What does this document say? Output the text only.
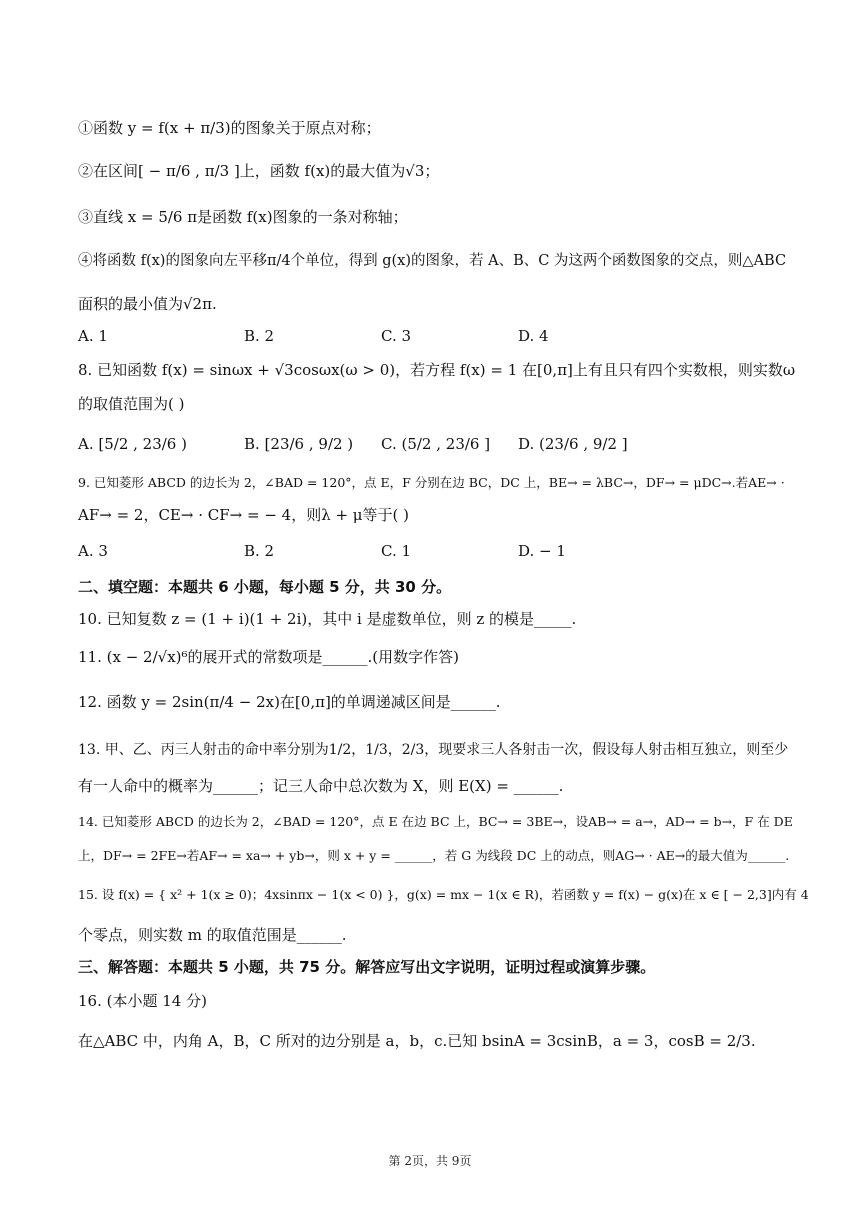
①函数 y = f(x + π/3)的图象关于原点对称；
②在区间[ − π/6 , π/3 ]上，函数 f(x)的最大值为√3；
③直线 x = 5/6 π是函数 f(x)图象的一条对称轴；
④将函数 f(x)的图象向左平移π/4个单位，得到 g(x)的图象，若 A、B、C 为这两个函数图象的交点，则△ABC
面积的最小值为√2π.
A. 1	B. 2	C. 3	D. 4
8. 已知函数 f(x) = sinωx + √3cosωx(ω > 0)，若方程 f(x) = 1 在[0,π]上有且只有四个实数根，则实数ω
的取值范围为( )
A. [5/2 , 23/6 )	B. [23/6 , 9/2 ) C. (5/2 , 23/6 ] D. (23/6 , 9/2 ]
9. 已知菱形 ABCD 的边长为 2，∠BAD = 120°，点 E，F 分别在边 BC，DC 上，BE→ = λBC→，DF→ = μDC→.若AE→ ·
AF→ = 2，CE→ · CF→ = − 4，则λ + μ等于( )
A. 3	B. 2	C. 1	D. − 1
二、填空题：本题共 6 小题，每小题 5 分，共 30 分。
10. 已知复数 z = (1 + i)(1 + 2i)，其中 i 是虚数单位，则 z 的模是_____.
11. (x − 2/√x)⁶的展开式的常数项是______.(用数字作答)
12. 函数 y = 2sin(π/4 − 2x)在[0,π]的单调递减区间是______.
13. 甲、乙、丙三人射击的命中率分别为1/2，1/3，2/3，现要求三人各射击一次，假设每人射击相互独立，则至少
有一人命中的概率为______；记三人命中总次数为 X，则 E(X) = ______.
14. 已知菱形 ABCD 的边长为 2，∠BAD = 120°，点 E 在边 BC 上，BC→ = 3BE→，设AB→ = a→，AD→ = b→，F 在 DE
上，DF→ = 2FE→若AF→ = xa→ + yb→，则 x + y = ______，若 G 为线段 DC 上的动点，则AG→ · AE→的最大值为______.
15. 设 f(x) = { x² + 1(x ≥ 0)；4xsinπx − 1(x < 0) }，g(x) = mx − 1(x ∈ R)，若函数 y = f(x) − g(x)在 x ∈ [ − 2,3]内有 4
个零点，则实数 m 的取值范围是______.
三、解答题：本题共 5 小题，共 75 分。解答应写出文字说明，证明过程或演算步骤。
16. (本小题 14 分)
在△ABC 中，内角 A，B，C 所对的边分别是 a，b，c.已知 bsinA = 3csinB，a = 3，cosB = 2/3.
第 2页，共 9页
